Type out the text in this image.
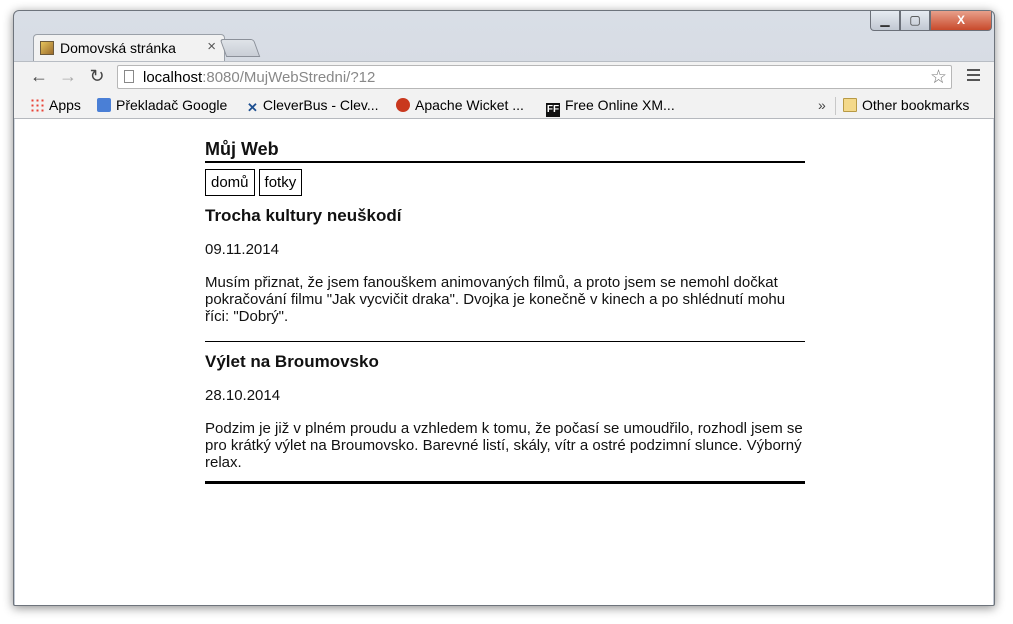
Domovská stránka ×
▁	▢	X
← → ↻	localhost:8080/MujWebStredni/?12	☆
Apps	Překladač Google ✕ CleverBus - Clev...	Apache Wicket ... FF Free Online XM...	»	Other bookmarks
Můj Web
domů	fotky
Trocha kultury neuškodí
09.11.2014

Musím přiznat, že jsem fanouškem animovaných filmů, a proto jsem se nemohl dočkat pokračování filmu "Jak vycvičit draka". Dvojka je konečně v kinech a po shlédnutí mohu říci: "Dobrý".

Výlet na Broumovsko
28.10.2014

Podzim je již v plném proudu a vzhledem k tomu, že počasí se umoudřilo, rozhodl jsem se pro krátký výlet na Broumovsko. Barevné listí, skály, vítr a ostré podzimní slunce. Výborný relax.
